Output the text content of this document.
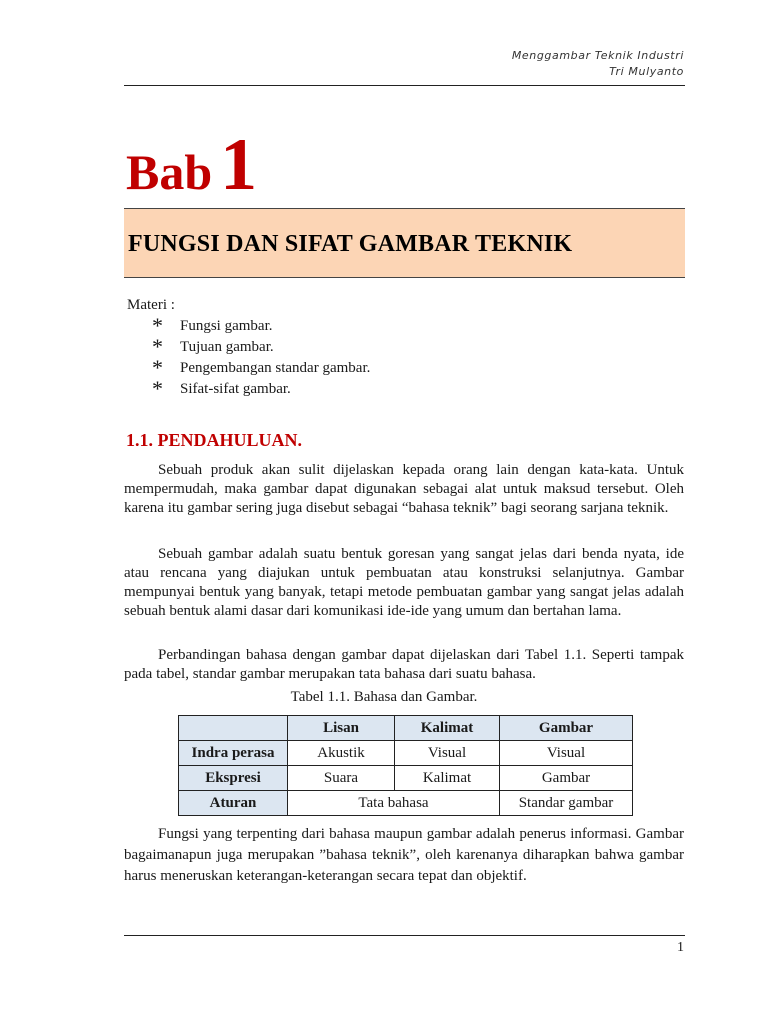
Menggambar Teknik Industri
Tri Mulyanto
Bab 1
FUNGSI DAN SIFAT GAMBAR TEKNIK
Materi :
* Fungsi gambar.
* Tujuan gambar.
* Pengembangan standar gambar.
* Sifat-sifat gambar.
1.1. PENDAHULUAN.

Sebuah produk akan sulit dijelaskan kepada orang lain dengan kata-kata. Untuk mempermudah, maka gambar dapat digunakan sebagai alat untuk maksud tersebut. Oleh karena itu gambar sering juga disebut sebagai “bahasa teknik” bagi seorang sarjana teknik.

Sebuah gambar adalah suatu bentuk goresan yang sangat jelas dari benda nyata, ide atau rencana yang diajukan untuk pembuatan atau konstruksi selanjutnya. Gambar mempunyai bentuk yang banyak, tetapi metode pembuatan gambar yang sangat jelas adalah sebuah bentuk alami dasar dari komunikasi ide-ide yang umum dan bertahan lama.

Perbandingan bahasa dengan gambar dapat dijelaskan dari Tabel 1.1. Seperti tampak pada tabel, standar gambar merupakan tata bahasa dari suatu bahasa.

Tabel 1.1. Bahasa dan Gambar.
	Lisan	Kalimat	Gambar
Indra perasa	Akustik	Visual	Visual
Ekspresi	Suara	Kalimat	Gambar
Aturan	Tata bahasa		Standar gambar

Fungsi yang terpenting dari bahasa maupun gambar adalah penerus informasi. Gambar bagaimanapun juga merupakan ”bahasa teknik”, oleh karenanya diharapkan bahwa gambar harus meneruskan keterangan-keterangan secara tepat dan objektif.

1
